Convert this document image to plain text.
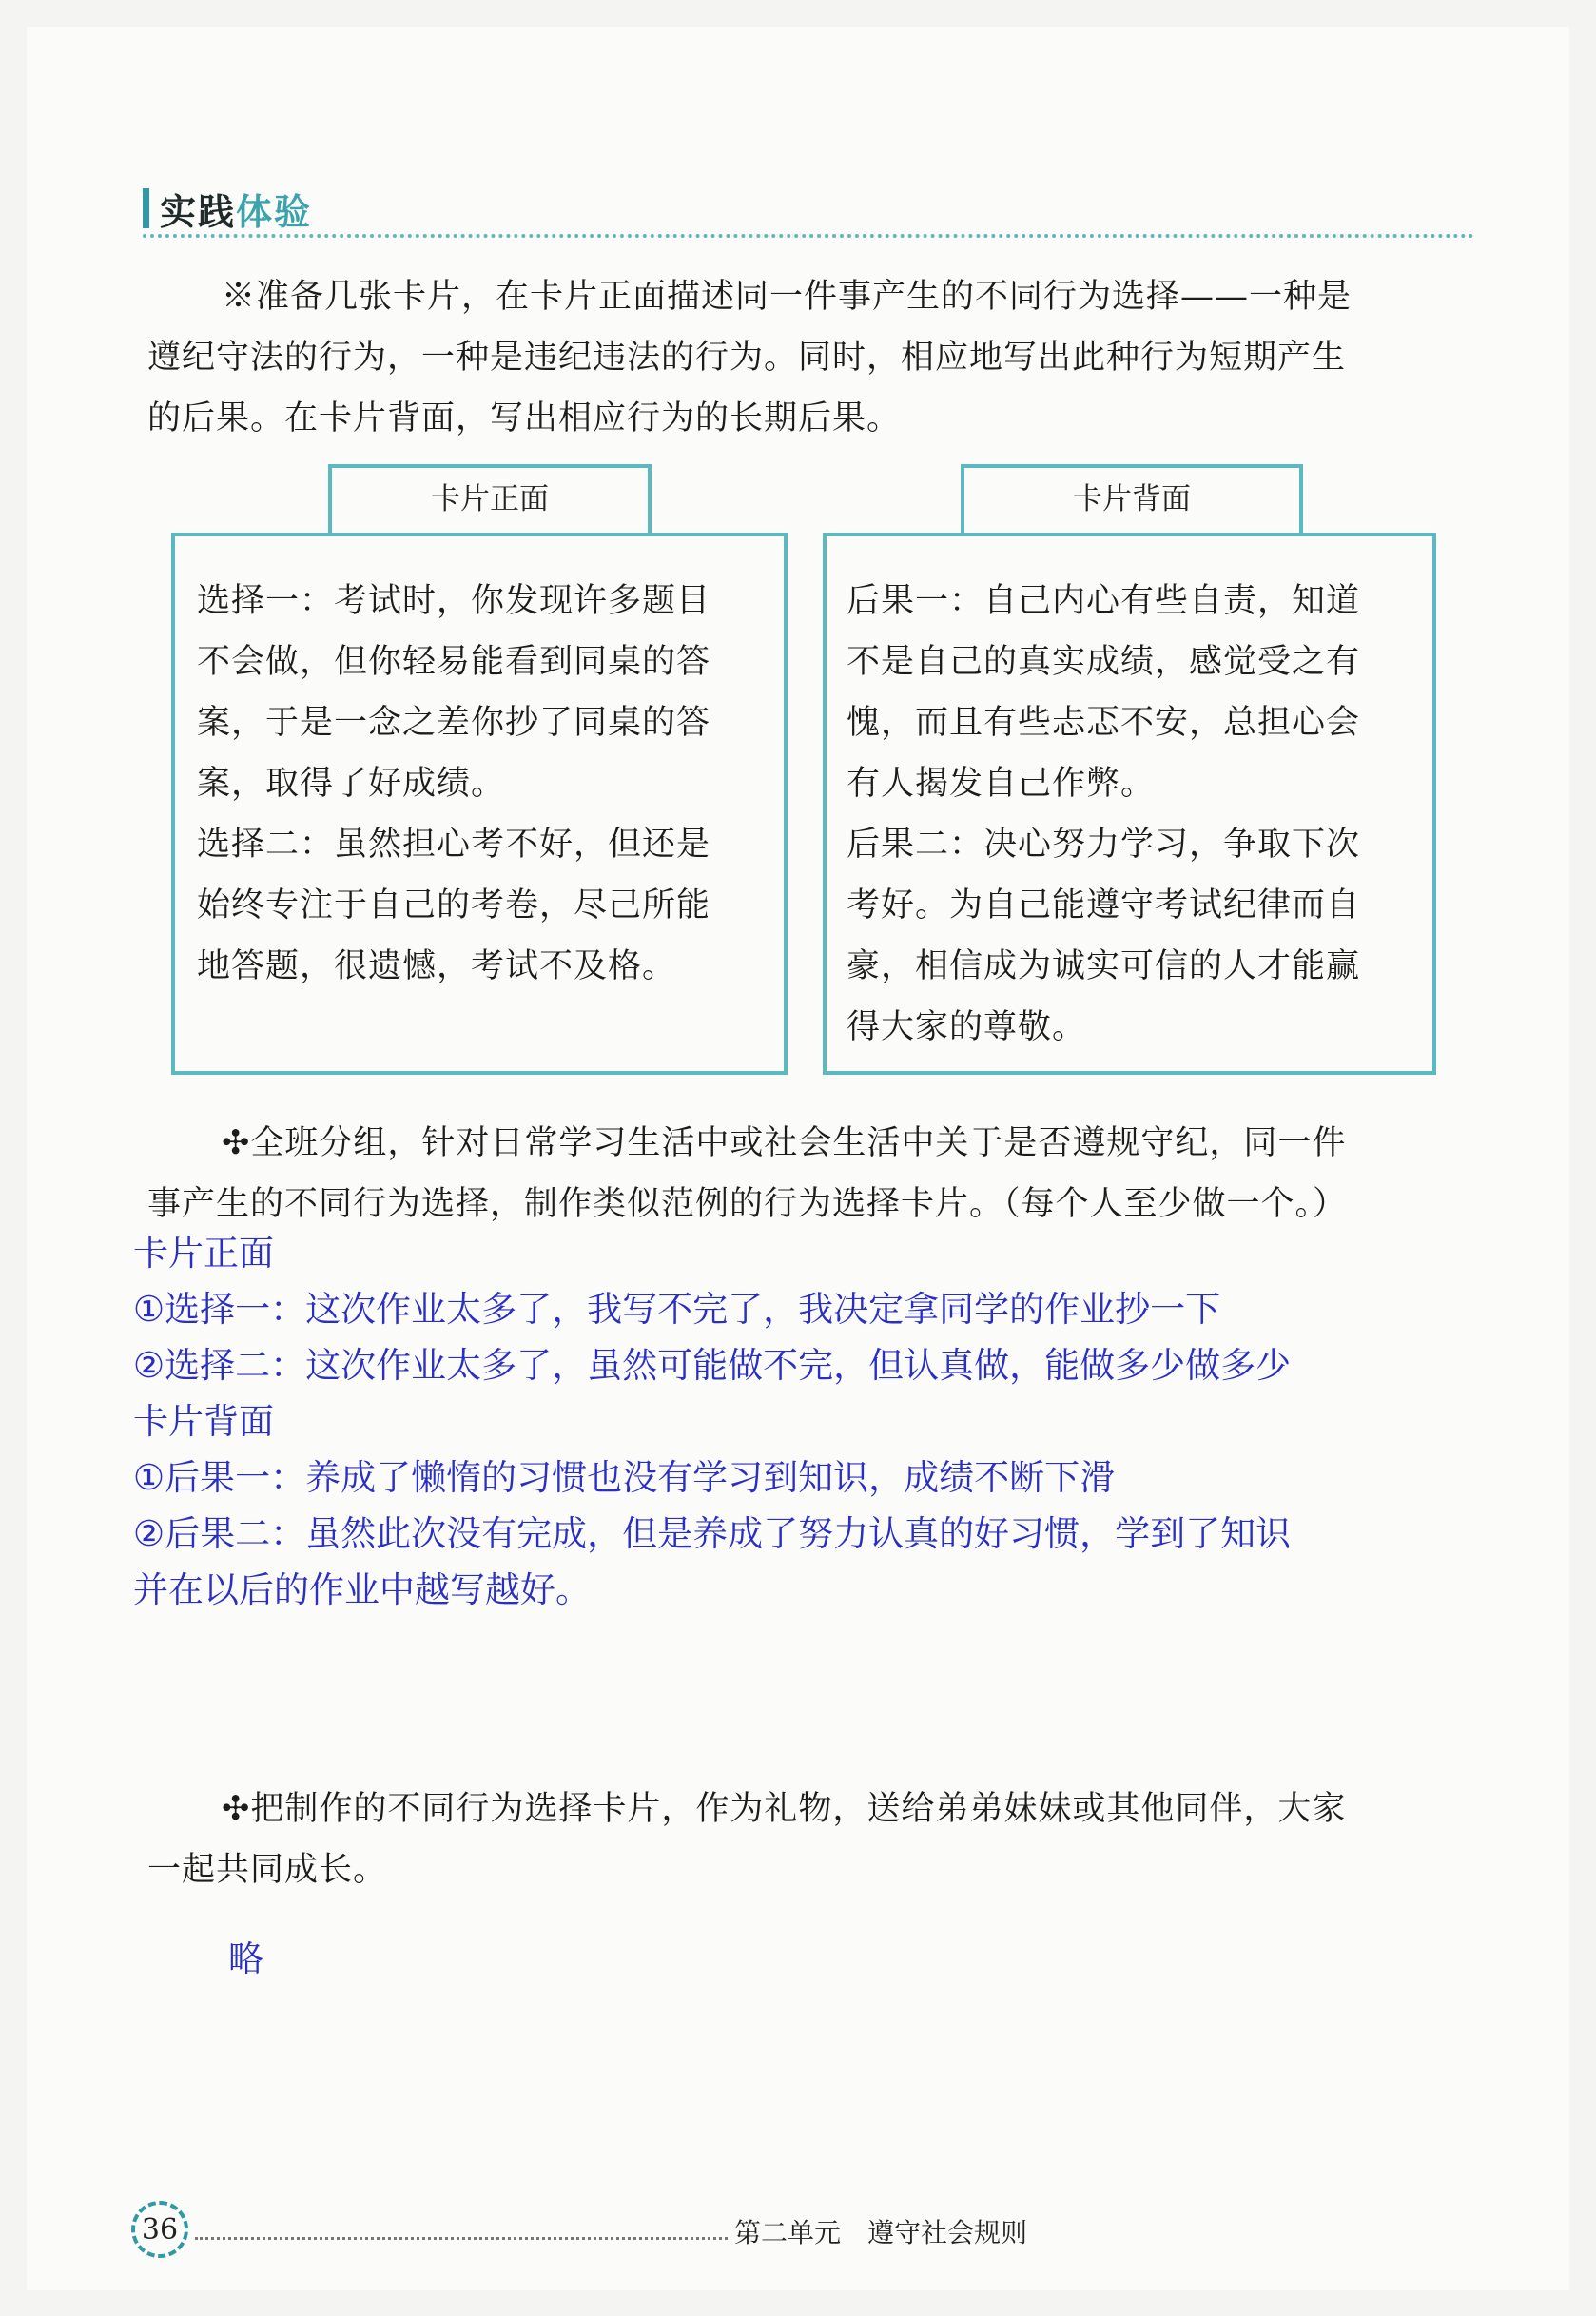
实践体验
※准备几张卡片，在卡片正面描述同一件事产生的不同行为选择——一种是
遵纪守法的行为，一种是违纪违法的行为。同时，相应地写出此种行为短期产生
的后果。在卡片背面，写出相应行为的长期后果。
卡片正面
选择一：考试时，你发现许多题目
不会做，但你轻易能看到同桌的答
案，于是一念之差你抄了同桌的答
案，取得了好成绩。
选择二：虽然担心考不好，但还是
始终专注于自己的考卷，尽己所能
地答题，很遗憾，考试不及格。
卡片背面
后果一：自己内心有些自责，知道
不是自己的真实成绩，感觉受之有
愧，而且有些忐忑不安，总担心会
有人揭发自己作弊。
后果二：决心努力学习，争取下次
考好。为自己能遵守考试纪律而自
豪，相信成为诚实可信的人才能赢
得大家的尊敬。
✣全班分组，针对日常学习生活中或社会生活中关于是否遵规守纪，同一件
事产生的不同行为选择，制作类似范例的行为选择卡片。（每个人至少做一个。）
卡片正面
①选择一：这次作业太多了，我写不完了，我决定拿同学的作业抄一下
②选择二：这次作业太多了，虽然可能做不完，但认真做，能做多少做多少
卡片背面
①后果一：养成了懒惰的习惯也没有学习到知识，成绩不断下滑
②后果二：虽然此次没有完成，但是养成了努力认真的好习惯，学到了知识
并在以后的作业中越写越好。
✣把制作的不同行为选择卡片，作为礼物，送给弟弟妹妹或其他同伴，大家
一起共同成长。
略
36	第二单元　遵守社会规则
